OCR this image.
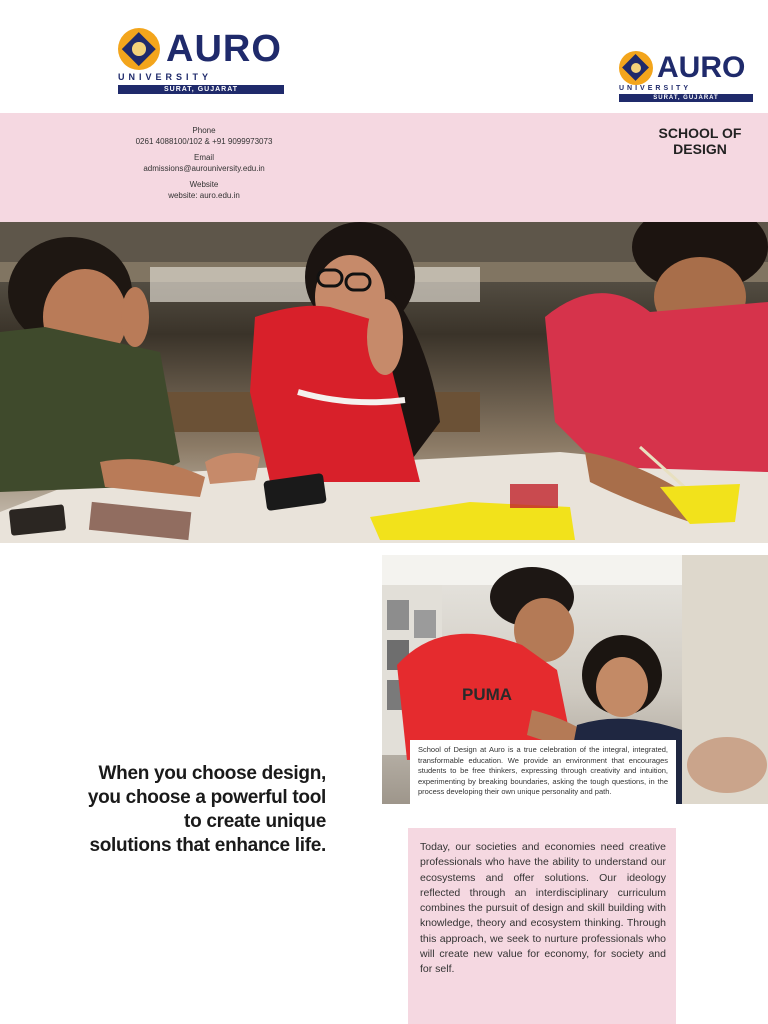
AURO
UNIVERSITY
SURAT, GUJARAT
AURO
UNIVERSITY
SURAT, GUJARAT
Phone
0261 4088100/102 & +91 9099973073
Email
admissions@aurouniversity.edu.in
Website
website: auro.edu.in
SCHOOL OF
DESIGN
PUMA
When you choose design,
you choose a powerful tool
to create unique
solutions that enhance life.
School of Design at Auro is a true celebration of the integral, integrated, transformable education. We provide an environment that encourages students to be free thinkers, expressing through creativity and intuition, experimenting by breaking boundaries, asking the tough questions, in the process developing their own unique personality and path.
Today, our societies and economies need creative professionals who have the ability to understand our ecosystems and offer solutions. Our ideology reflected through an interdisciplinary curriculum combines the pursuit of design and skill building with knowledge, theory and ecosystem thinking. Through this approach, we seek to nurture professionals who will create new value for economy, for society and for self.
